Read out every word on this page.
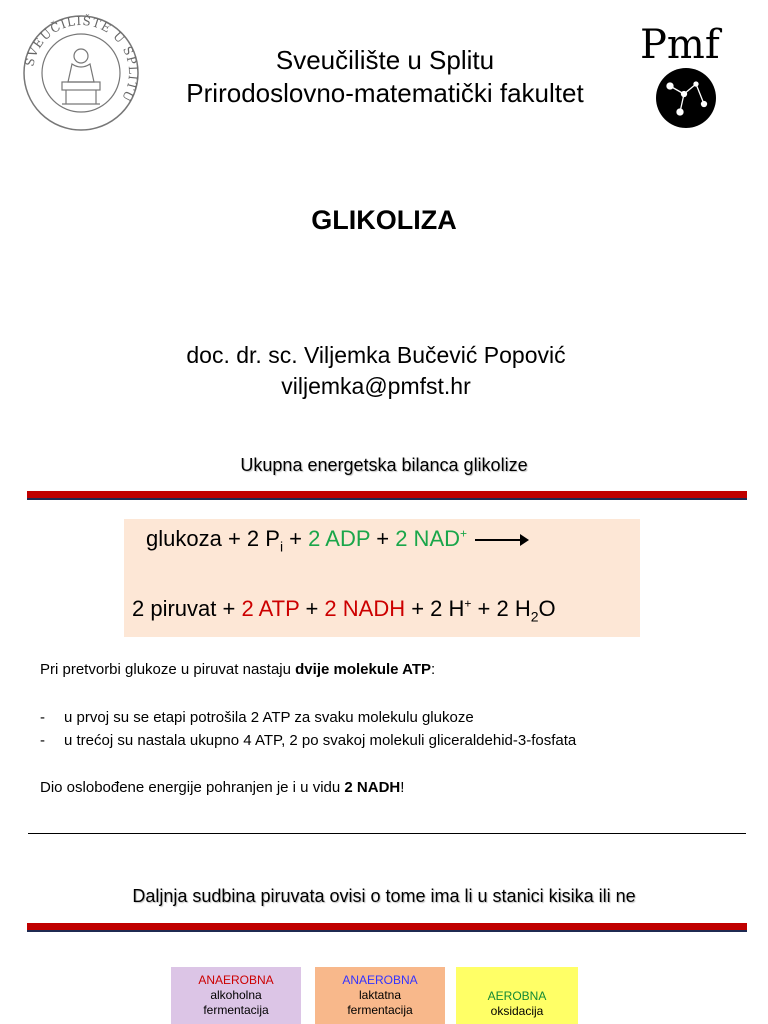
SVEUČILIŠTE U SPLITU
Pmf
Sveučilište u Splitu
Prirodoslovno-matematički fakultet
GLIKOLIZA
doc. dr. sc. Viljemka Bučević Popović
viljemka@pmfst.hr
Ukupna energetska bilanca glikolize
glukoza + 2 $P_i + 2$ ADP + 2 NAD+ →
2 piruvat + 2 ATP + 2 NADH + 2 H+ + 2 $H_2O$
Pri pretvorbi glukoze u piruvat nastaju dvije molekule ATP:
- u prvoj su se etapi potrošila 2 ATP za svaku molekulu glukoze
- u trećoj su nastala ukupno 4 ATP, 2 po svakoj molekuli gliceraldehid-3-fosfata
Dio oslobođene energije pohranjen je i u vidu 2 NADH!
Daljnja sudbina piruvata ovisi o tome ima li u stanici kisika ili ne
ANAEROBNA
alkoholna
fermentacija
ANAEROBNA
laktatna
fermentacija
AEROBNA
oksidacija
